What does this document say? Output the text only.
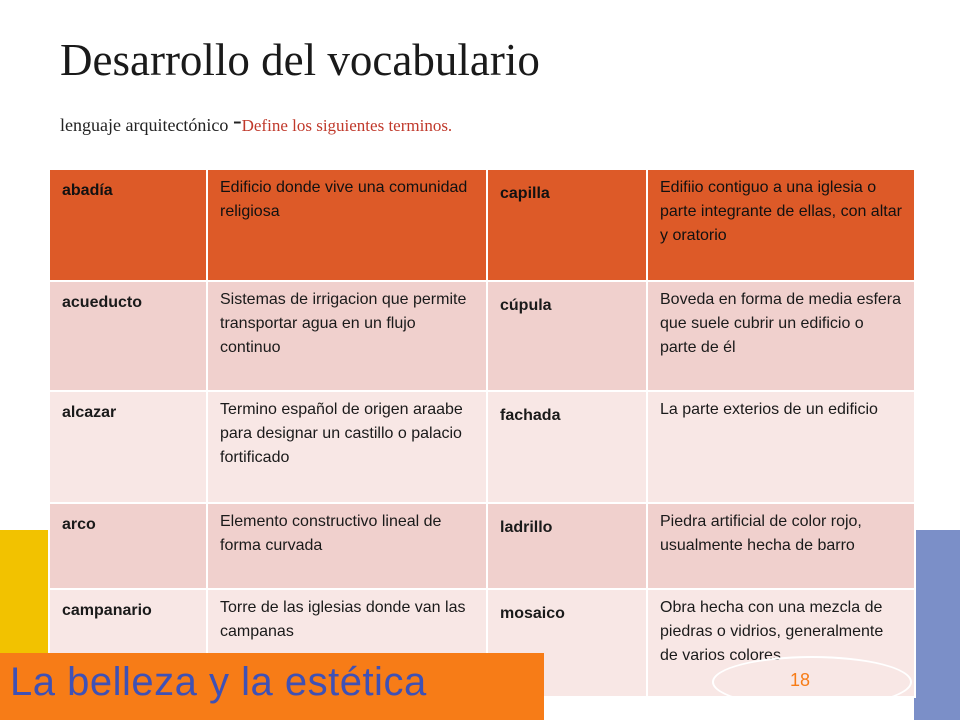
Desarrollo del vocabulario
lenguaje arquitectónico -Define los siguientes terminos.
abadía	Edificio donde vive una comunidad religiosa	capilla	Edifiio contiguo a una iglesia o parte integrante de ellas, con altar y oratorio
acueducto	Sistemas de irrigacion que permite transportar agua en un flujo continuo	cúpula	Boveda en forma de media esfera que suele cubrir un edificio o parte de él
alcazar	Termino español de origen araabe para designar un castillo o palacio fortificado	fachada	La parte exterios de un edificio
arco	Elemento constructivo lineal de forma curvada	ladrillo	Piedra artificial de color rojo, usualmente hecha de barro
campanario	Torre de las iglesias donde van las campanas	mosaico	Obra hecha con una mezcla de piedras o vidrios, generalmente de varios colores
La belleza y la estética	18
